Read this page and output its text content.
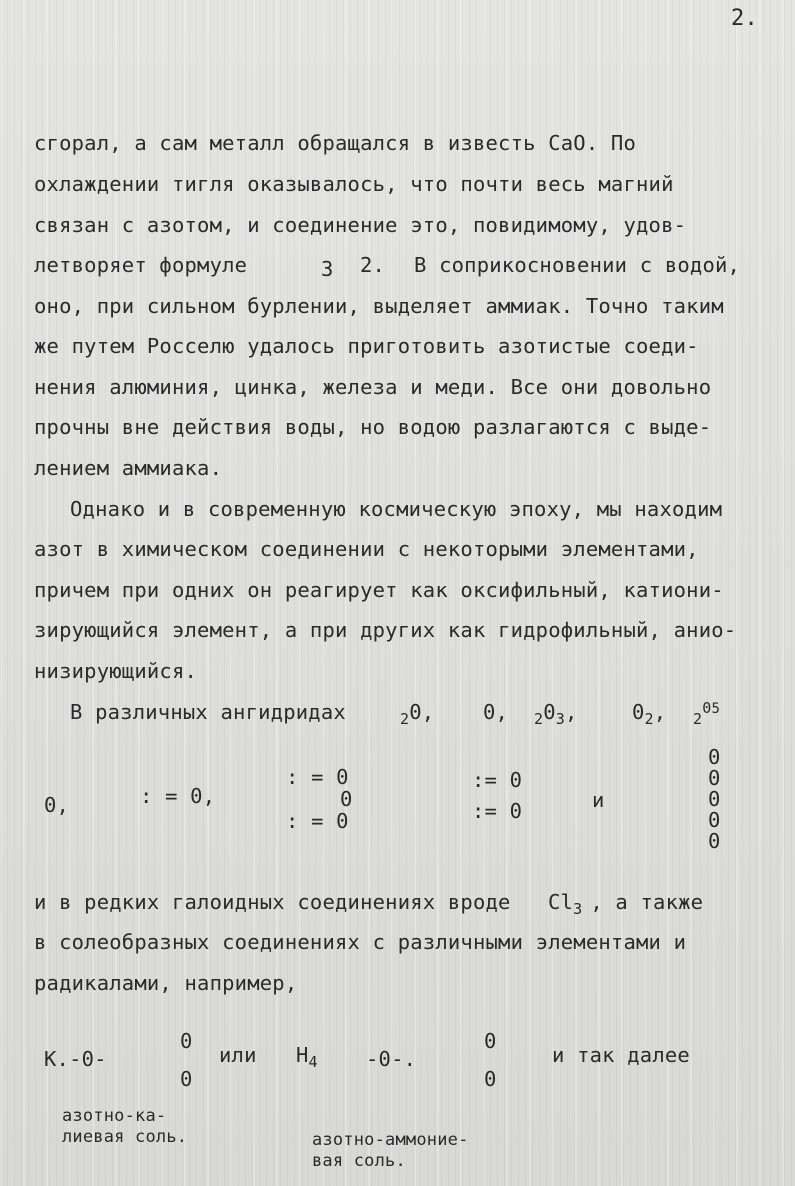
2.
сгорал, а сам металл обращался в известь СаО. По
охлаждении тигля оказывалось, что почти весь магний
связан с азотом, и соединение это, повидимому, удов-
летворяет формуле	3 2. В соприкосновении с водой,
оно, при сильном бурлении, выделяет аммиак. Точно таким
же путем Росселю удалось приготовить азотистые соеди-
нения алюминия, цинка, железа и меди. Все они довольно
прочны вне действия воды, но водою разлагаются с выде-
лением аммиака.
Однако и в современную космическую эпоху, мы находим
азот в химическом соединении с некоторыми элементами,
причем при одних он реагирует как оксифильный, катиони-
зирующийся элемент, а при других как гидрофильный, анио-
низирующийся.
В различных ангидридах	$_2$0, 0, $_20_3$,	$0_2$, $_2^{05}$
0,	: = 0,
: = 0
0
: = 0
:= 0
:= 0	и
0
0
0
0
0
и в редких галоидных соединениях вроде $Cl_3$ , а также
в солеобразных соединениях с различными элементами и
радикалами, например,
К.-0-
0
0
или $Н_4$ -0-.
0
0
и так далее
азотно-ка-
лиевая соль.	азотно-аммоние-
вая соль.
